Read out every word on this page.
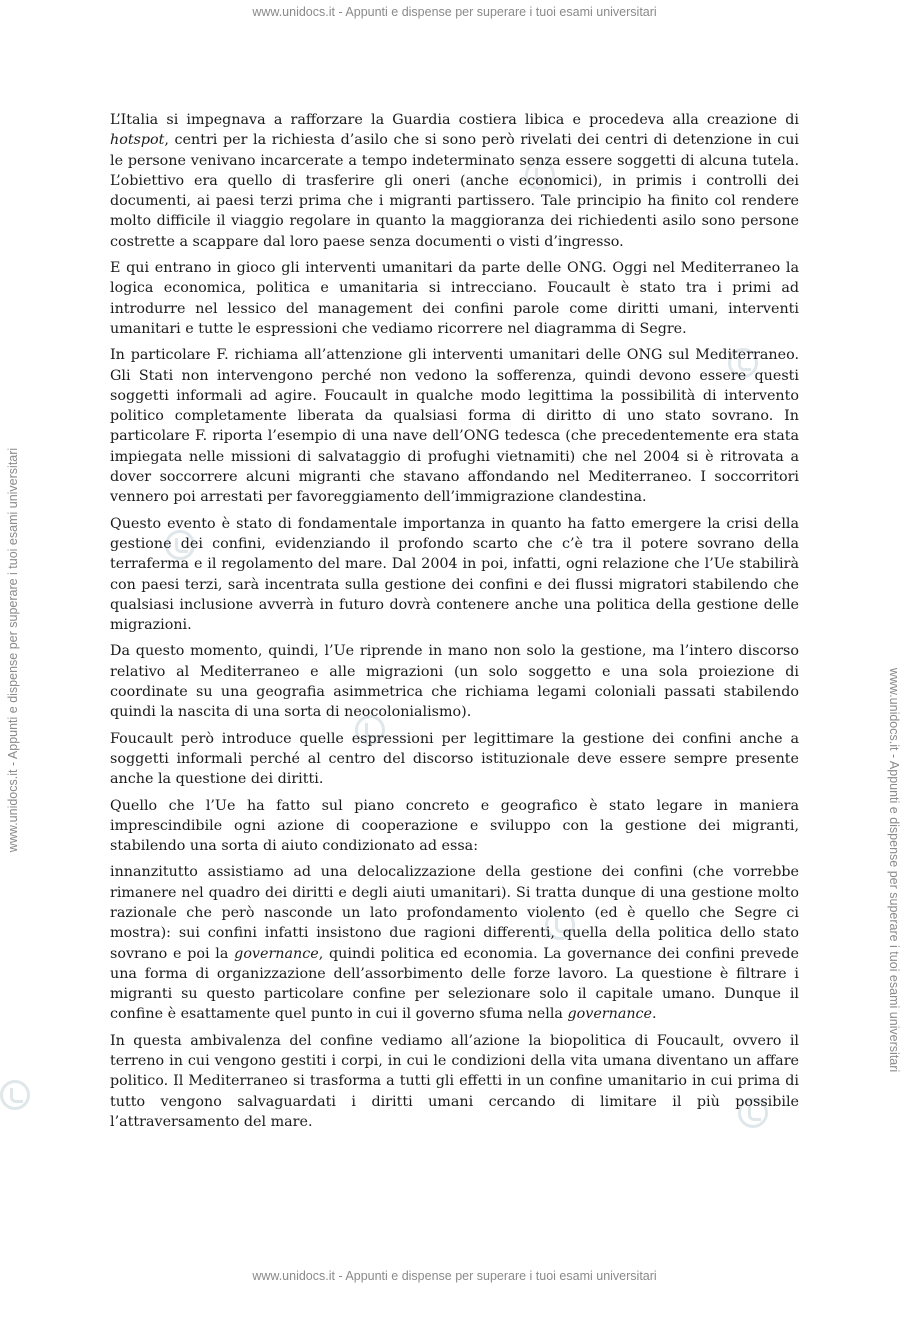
www.unidocs.it - Appunti e dispense per superare i tuoi esami universitari
www.unidocs.it - Appunti e dispense per superare i tuoi esami universitari
www.unidocs.it - Appunti e dispense per superare i tuoi esami universitari
www.unidocs.it - Appunti e dispense per superare i tuoi esami universitari

L’Italia si impegnava a rafforzare la Guardia costiera libica e procedeva alla creazione di hotspot, centri per la richiesta d’asilo che si sono però rivelati dei centri di detenzione in cui le persone venivano incarcerate a tempo indeterminato senza essere soggetti di alcuna tutela. L’obiettivo era quello di trasferire gli oneri (anche economici), in primis i controlli dei documenti, ai paesi terzi prima che i migranti partissero. Tale principio ha finito col rendere molto difficile il viaggio regolare in quanto la maggioranza dei richiedenti asilo sono persone costrette a scappare dal loro paese senza documenti o visti d’ingresso.

E qui entrano in gioco gli interventi umanitari da parte delle ONG. Oggi nel Mediterraneo la logica economica, politica e umanitaria si intrecciano. Foucault è stato tra i primi ad introdurre nel lessico del management dei confini parole come diritti umani, interventi umanitari e tutte le espressioni che vediamo ricorrere nel diagramma di Segre.

In particolare F. richiama all’attenzione gli interventi umanitari delle ONG sul Mediterraneo. Gli Stati non intervengono perché non vedono la sofferenza, quindi devono essere questi soggetti informali ad agire. Foucault in qualche modo legittima la possibilità di intervento politico completamente liberata da qualsiasi forma di diritto di uno stato sovrano. In particolare F. riporta l’esempio di una nave dell’ONG tedesca (che precedentemente era stata impiegata nelle missioni di salvataggio di profughi vietnamiti) che nel 2004 si è ritrovata a dover soccorrere alcuni migranti che stavano affondando nel Mediterraneo. I soccorritori vennero poi arrestati per favoreggiamento dell’immigrazione clandestina.

Questo evento è stato di fondamentale importanza in quanto ha fatto emergere la crisi della gestione dei confini, evidenziando il profondo scarto che c’è tra il potere sovrano della terraferma e il regolamento del mare. Dal 2004 in poi, infatti, ogni relazione che l’Ue stabilirà con paesi terzi, sarà incentrata sulla gestione dei confini e dei flussi migratori stabilendo che qualsiasi inclusione avverrà in futuro dovrà contenere anche una politica della gestione delle migrazioni.

Da questo momento, quindi, l’Ue riprende in mano non solo la gestione, ma l’intero discorso relativo al Mediterraneo e alle migrazioni (un solo soggetto e una sola proiezione di coordinate su una geografia asimmetrica che richiama legami coloniali passati stabilendo quindi la nascita di una sorta di neocolonialismo).

Foucault però introduce quelle espressioni per legittimare la gestione dei confini anche a soggetti informali perché al centro del discorso istituzionale deve essere sempre presente anche la questione dei diritti.

Quello che l’Ue ha fatto sul piano concreto e geografico è stato legare in maniera imprescindibile ogni azione di cooperazione e sviluppo con la gestione dei migranti, stabilendo una sorta di aiuto condizionato ad essa:

innanzitutto assistiamo ad una delocalizzazione della gestione dei confini (che vorrebbe rimanere nel quadro dei diritti e degli aiuti umanitari). Si tratta dunque di una gestione molto razionale che però nasconde un lato profondamento violento (ed è quello che Segre ci mostra): sui confini infatti insistono due ragioni differenti, quella della politica dello stato sovrano e poi la governance, quindi politica ed economia. La governance dei confini prevede una forma di organizzazione dell’assorbimento delle forze lavoro. La questione è filtrare i migranti su questo particolare confine per selezionare solo il capitale umano. Dunque il confine è esattamente quel punto in cui il governo sfuma nella governance.

In questa ambivalenza del confine vediamo all’azione la biopolitica di Foucault, ovvero il terreno in cui vengono gestiti i corpi, in cui le condizioni della vita umana diventano un affare politico. Il Mediterraneo si trasforma a tutti gli effetti in un confine umanitario in cui prima di tutto vengono salvaguardati i diritti umani cercando di limitare il più possibile l’attraversamento del mare.
